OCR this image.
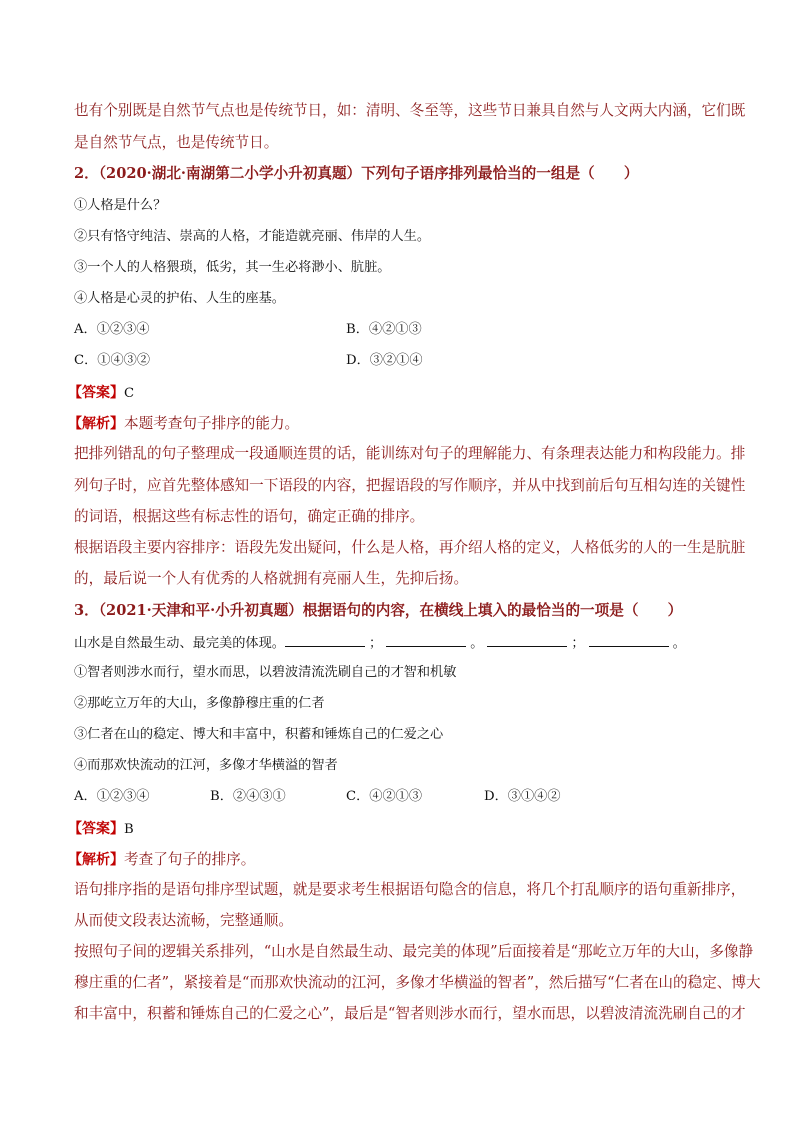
也有个别既是自然节气点也是传统节日，如：清明、冬至等，这些节日兼具自然与人文两大内涵，它们既
是自然节气点，也是传统节日。
2．（2020·湖北·南湖第二小学小升初真题）下列句子语序排列最恰当的一组是（　　）
①人格是什么？
②只有恪守纯洁、崇高的人格，才能造就亮丽、伟岸的人生。
③一个人的人格猥琐，低劣，其一生必将渺小、肮脏。
④人格是心灵的护佑、人生的座基。
A．①②③④	B．④②①③
C．①④③②	D．③②①④
【答案】C
【解析】本题考查句子排序的能力。
把排列错乱的句子整理成一段通顺连贯的话，能训练对句子的理解能力、有条理表达能力和构段能力。排
列句子时，应首先整体感知一下语段的内容，把握语段的写作顺序，并从中找到前后句互相勾连的关键性
的词语，根据这些有标志性的语句，确定正确的排序。
根据语段主要内容排序：语段先发出疑问，什么是人格，再介绍人格的定义，人格低劣的人的一生是肮脏
的，最后说一个人有优秀的人格就拥有亮丽人生，先抑后扬。
3．（2021·天津和平·小升初真题）根据语句的内容，在横线上填入的最恰当的一项是（　　）
山水是自然最生动、最完美的体现。	；	。	；	。
①智者则涉水而行，望水而思，以碧波清流洗刷自己的才智和机敏
②那屹立万年的大山，多像静穆庄重的仁者
③仁者在山的稳定、博大和丰富中，积蓄和锤炼自己的仁爱之心
④而那欢快流动的江河，多像才华横溢的智者
A．①②③④	B．②④③①	C．④②①③	D．③①④②
【答案】B
【解析】考查了句子的排序。
语句排序指的是语句排序型试题，就是要求考生根据语句隐含的信息，将几个打乱顺序的语句重新排序，
从而使文段表达流畅，完整通顺。
按照句子间的逻辑关系排列，“山水是自然最生动、最完美的体现”后面接着是“那屹立万年的大山，多像静
穆庄重的仁者”，紧接着是“而那欢快流动的江河，多像才华横溢的智者”，然后描写“仁者在山的稳定、博大
和丰富中，积蓄和锤炼自己的仁爱之心”，最后是“智者则涉水而行，望水而思，以碧波清流洗刷自己的才
